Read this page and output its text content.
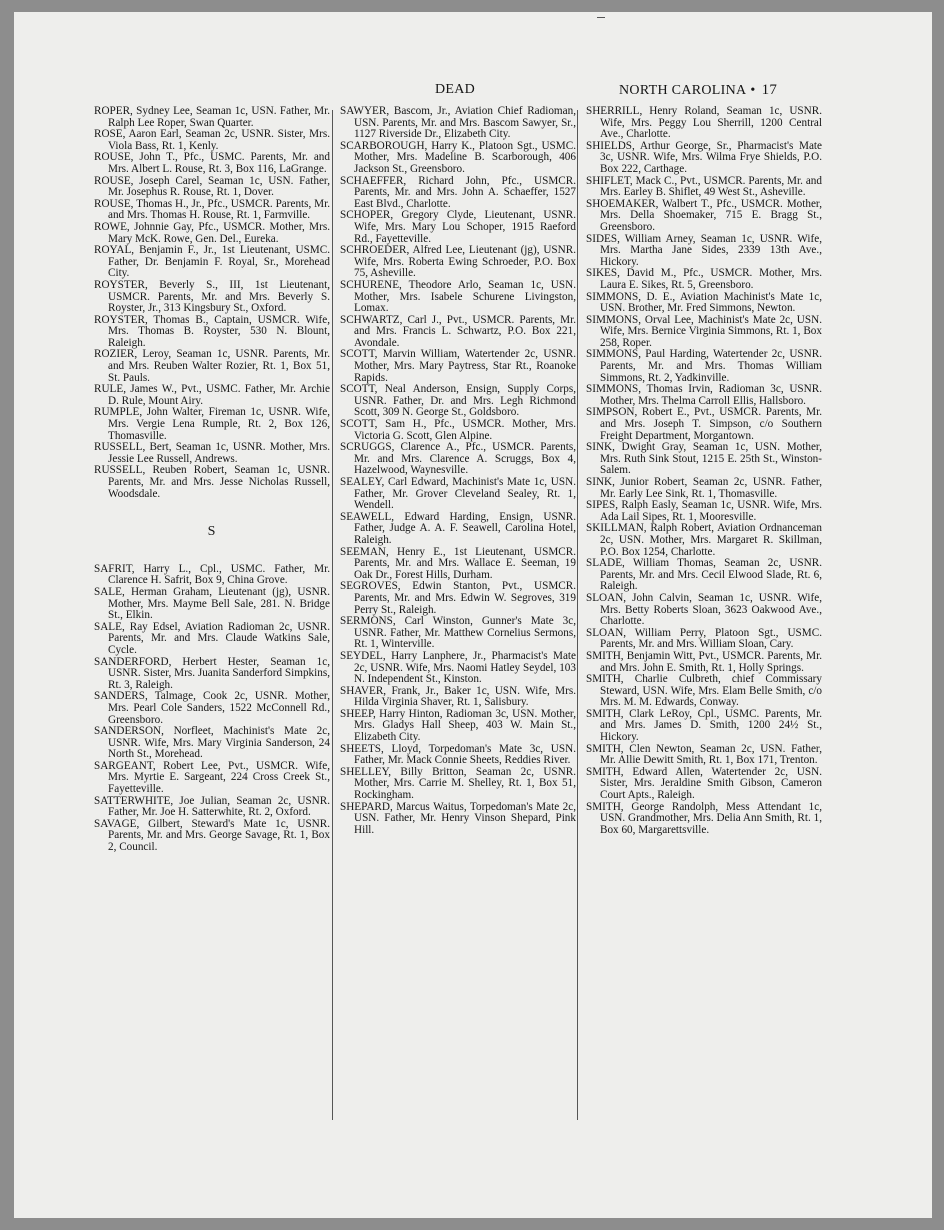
DEAD	NORTH CAROLINA • 17

ROPER, Sydney Lee, Seaman 1c, USN. Father, Mr. Ralph Lee Roper, Swan Quarter.

ROSE, Aaron Earl, Seaman 2c, USNR. Sister, Mrs. Viola Bass, Rt. 1, Kenly.

ROUSE, John T., Pfc., USMC. Parents, Mr. and Mrs. Albert L. Rouse, Rt. 3, Box 116, LaGrange.

ROUSE, Joseph Carel, Seaman 1c, USN. Father, Mr. Josephus R. Rouse, Rt. 1, Dover.

ROUSE, Thomas H., Jr., Pfc., USMCR. Parents, Mr. and Mrs. Thomas H. Rouse, Rt. 1, Farmville.

ROWE, Johnnie Gay, Pfc., USMCR. Mother, Mrs. Mary McK. Rowe, Gen. Del., Eureka.

ROYAL, Benjamin F., Jr., 1st Lieutenant, USMC. Father, Dr. Benjamin F. Royal, Sr., Morehead City.

ROYSTER, Beverly S., III, 1st Lieutenant, USMCR. Parents, Mr. and Mrs. Beverly S. Royster, Jr., 313 Kingsbury St., Oxford.

ROYSTER, Thomas B., Captain, USMCR. Wife, Mrs. Thomas B. Royster, 530 N. Blount, Raleigh.

ROZIER, Leroy, Seaman 1c, USNR. Parents, Mr. and Mrs. Reuben Walter Rozier, Rt. 1, Box 51, St. Pauls.

RULE, James W., Pvt., USMC. Father, Mr. Archie D. Rule, Mount Airy.

RUMPLE, John Walter, Fireman 1c, USNR. Wife, Mrs. Vergie Lena Rumple, Rt. 2, Box 126, Thomasville.

RUSSELL, Bert, Seaman 1c, USNR. Mother, Mrs. Jessie Lee Russell, Andrews.

RUSSELL, Reuben Robert, Seaman 1c, USNR. Parents, Mr. and Mrs. Jesse Nicholas Russell, Woodsdale.

S

SAFRIT, Harry L., Cpl., USMC. Father, Mr. Clarence H. Safrit, Box 9, China Grove.

SALE, Herman Graham, Lieutenant (jg), USNR. Mother, Mrs. Mayme Bell Sale, 281. N. Bridge St., Elkin.

SALE, Ray Edsel, Aviation Radioman 2c, USNR. Parents, Mr. and Mrs. Claude Watkins Sale, Cycle.

SANDERFORD, Herbert Hester, Seaman 1c, USNR. Sister, Mrs. Juanita Sanderford Simpkins, Rt. 3, Raleigh.

SANDERS, Talmage, Cook 2c, USNR. Mother, Mrs. Pearl Cole Sanders, 1522 McConnell Rd., Greensboro.

SANDERSON, Norfleet, Machinist's Mate 2c, USNR. Wife, Mrs. Mary Virginia Sanderson, 24 North St., Morehead.

SARGEANT, Robert Lee, Pvt., USMCR. Wife, Mrs. Myrtie E. Sargeant, 224 Cross Creek St., Fayetteville.

SATTERWHITE, Joe Julian, Seaman 2c, USNR. Father, Mr. Joe H. Satterwhite, Rt. 2, Oxford.

SAVAGE, Gilbert, Steward's Mate 1c, USNR. Parents, Mr. and Mrs. George Savage, Rt. 1, Box 2, Council.

SAWYER, Bascom, Jr., Aviation Chief Radioman, USN. Parents, Mr. and Mrs. Bascom Sawyer, Sr., 1127 Riverside Dr., Elizabeth City.

SCARBOROUGH, Harry K., Platoon Sgt., USMC. Mother, Mrs. Madeline B. Scarborough, 406 Jackson St., Greensboro.

SCHAEFFER, Richard John, Pfc., USMCR. Parents, Mr. and Mrs. John A. Schaeffer, 1527 East Blvd., Charlotte.

SCHOPER, Gregory Clyde, Lieutenant, USNR. Wife, Mrs. Mary Lou Schoper, 1915 Raeford Rd., Fayetteville.

SCHROEDER, Alfred Lee, Lieutenant (jg), USNR. Wife, Mrs. Roberta Ewing Schroeder, P.O. Box 75, Asheville.

SCHURENE, Theodore Arlo, Seaman 1c, USN. Mother, Mrs. Isabele Schurene Livingston, Lomax.

SCHWARTZ, Carl J., Pvt., USMCR. Parents, Mr. and Mrs. Francis L. Schwartz, P.O. Box 221, Avondale.

SCOTT, Marvin William, Watertender 2c, USNR. Mother, Mrs. Mary Paytress, Star Rt., Roanoke Rapids.

SCOTT, Neal Anderson, Ensign, Supply Corps, USNR. Father, Dr. and Mrs. Legh Richmond Scott, 309 N. George St., Goldsboro.

SCOTT, Sam H., Pfc., USMCR. Mother, Mrs. Victoria G. Scott, Glen Alpine.

SCRUGGS, Clarence A., Pfc., USMCR. Parents, Mr. and Mrs. Clarence A. Scruggs, Box 4, Hazelwood, Waynesville.

SEALEY, Carl Edward, Machinist's Mate 1c, USN. Father, Mr. Grover Cleveland Sealey, Rt. 1, Wendell.

SEAWELL, Edward Harding, Ensign, USNR. Father, Judge A. A. F. Seawell, Carolina Hotel, Raleigh.

SEEMAN, Henry E., 1st Lieutenant, USMCR. Parents, Mr. and Mrs. Wallace E. Seeman, 19 Oak Dr., Forest Hills, Durham.

SEGROVES, Edwin Stanton, Pvt., USMCR. Parents, Mr. and Mrs. Edwin W. Segroves, 319 Perry St., Raleigh.

SERMONS, Carl Winston, Gunner's Mate 3c, USNR. Father, Mr. Matthew Cornelius Sermons, Rt. 1, Winterville.

SEYDEL, Harry Lanphere, Jr., Pharmacist's Mate 2c, USNR. Wife, Mrs. Naomi Hatley Seydel, 103 N. Independent St., Kinston.

SHAVER, Frank, Jr., Baker 1c, USN. Wife, Mrs. Hilda Virginia Shaver, Rt. 1, Salisbury.

SHEEP, Harry Hinton, Radioman 3c, USN. Mother, Mrs. Gladys Hall Sheep, 403 W. Main St., Elizabeth City.

SHEETS, Lloyd, Torpedoman's Mate 3c, USN. Father, Mr. Mack Connie Sheets, Reddies River.

SHELLEY, Billy Britton, Seaman 2c, USNR. Mother, Mrs. Carrie M. Shelley, Rt. 1, Box 51, Rockingham.

SHEPARD, Marcus Waitus, Torpedoman's Mate 2c, USN. Father, Mr. Henry Vinson Shepard, Pink Hill.

SHERRILL, Henry Roland, Seaman 1c, USNR. Wife, Mrs. Peggy Lou Sherrill, 1200 Central Ave., Charlotte.

SHIELDS, Arthur George, Sr., Pharmacist's Mate 3c, USNR. Wife, Mrs. Wilma Frye Shields, P.O. Box 222, Carthage.

SHIFLET, Mack C., Pvt., USMCR. Parents, Mr. and Mrs. Earley B. Shiflet, 49 West St., Asheville.

SHOEMAKER, Walbert T., Pfc., USMCR. Mother, Mrs. Della Shoemaker, 715 E. Bragg St., Greensboro.

SIDES, William Arney, Seaman 1c, USNR. Wife, Mrs. Martha Jane Sides, 2339 13th Ave., Hickory.

SIKES, David M., Pfc., USMCR. Mother, Mrs. Laura E. Sikes, Rt. 5, Greensboro.

SIMMONS, D. E., Aviation Machinist's Mate 1c, USN. Brother, Mr. Fred Simmons, Newton.

SIMMONS, Orval Lee, Machinist's Mate 2c, USN. Wife, Mrs. Bernice Virginia Simmons, Rt. 1, Box 258, Roper.

SIMMONS, Paul Harding, Watertender 2c, USNR. Parents, Mr. and Mrs. Thomas William Simmons, Rt. 2, Yadkinville.

SIMMONS, Thomas Irvin, Radioman 3c, USNR. Mother, Mrs. Thelma Carroll Ellis, Hallsboro.

SIMPSON, Robert E., Pvt., USMCR. Parents, Mr. and Mrs. Joseph T. Simpson, c/o Southern Freight Department, Morgantown.

SINK, Dwight Gray, Seaman 1c, USN. Mother, Mrs. Ruth Sink Stout, 1215 E. 25th St., Winston-Salem.

SINK, Junior Robert, Seaman 2c, USNR. Father, Mr. Early Lee Sink, Rt. 1, Thomasville.

SIPES, Ralph Easly, Seaman 1c, USNR. Wife, Mrs. Ada Lail Sipes, Rt. 1, Mooresville.

SKILLMAN, Ralph Robert, Aviation Ordnanceman 2c, USN. Mother, Mrs. Margaret R. Skillman, P.O. Box 1254, Charlotte.

SLADE, William Thomas, Seaman 2c, USNR. Parents, Mr. and Mrs. Cecil Elwood Slade, Rt. 6, Raleigh.

SLOAN, John Calvin, Seaman 1c, USNR. Wife, Mrs. Betty Roberts Sloan, 3623 Oakwood Ave., Charlotte.

SLOAN, William Perry, Platoon Sgt., USMC. Parents, Mr. and Mrs. William Sloan, Cary.

SMITH, Benjamin Witt, Pvt., USMCR. Parents, Mr. and Mrs. John E. Smith, Rt. 1, Holly Springs.

SMITH, Charlie Culbreth, chief Commissary Steward, USN. Wife, Mrs. Elam Belle Smith, c/o Mrs. M. M. Edwards, Conway.

SMITH, Clark LeRoy, Cpl., USMC. Parents, Mr. and Mrs. James D. Smith, 1200 24½ St., Hickory.

SMITH, Clen Newton, Seaman 2c, USN. Father, Mr. Allie Dewitt Smith, Rt. 1, Box 171, Trenton.

SMITH, Edward Allen, Watertender 2c, USN. Sister, Mrs. Jeraldine Smith Gibson, Cameron Court Apts., Raleigh.

SMITH, George Randolph, Mess Attendant 1c, USN. Grandmother, Mrs. Delia Ann Smith, Rt. 1, Box 60, Margarettsville.
